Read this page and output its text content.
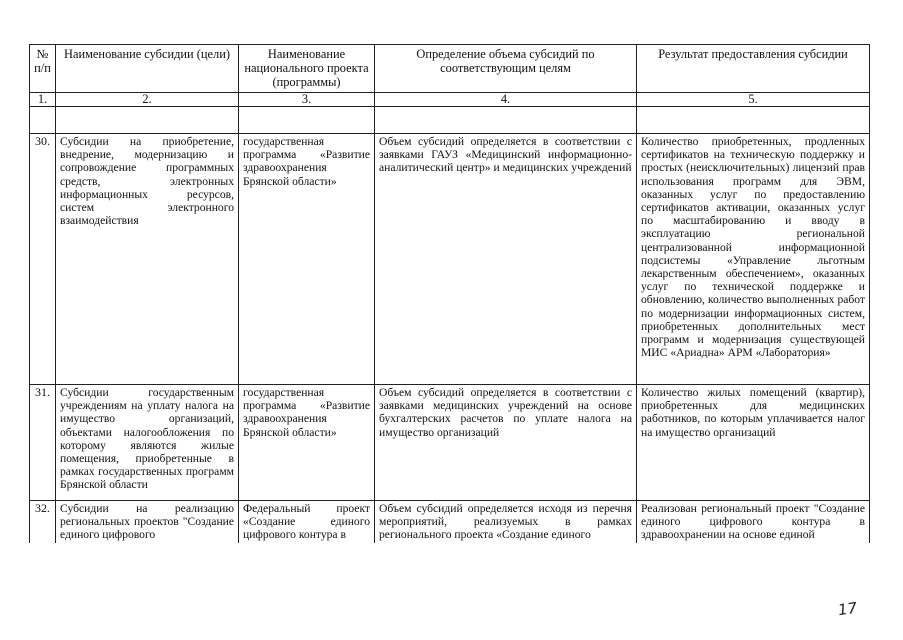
№ п/п	Наименование субсидии (цели)	Наименование национального проекта (программы)	Определение объема субсидий по соответствующим целям	Результат предоставления субсидии
1.	2.	3.	4.	5.

30.	Субсидии на приобретение, внедрение, модернизацию и сопровождение программных средств, электронных информационных ресурсов, систем электронного взаимодействия	государственная программа «Развитие здравоохранения Брянской области»	Объем субсидий определяется в соответствии с заявками ГАУЗ «Медицинский информационно-аналитический центр» и медицинских учреждений	Количество приобретенных, продленных сертификатов на техническую поддержку и простых (неисключительных) лицензий прав использования программ для ЭВМ, оказанных услуг по предоставлению сертификатов активации, оказанных услуг по масштабированию и вводу в эксплуатацию региональной централизованной информационной подсистемы «Управление льготным лекарственным обеспечением», оказанных услуг по технической поддержке и обновлению, количество выполненных работ по модернизации информационных систем, приобретенных дополнительных мест программ и модернизация существующей МИС «Ариадна» АРМ «Лаборатория»
31.	Субсидии государственным учреждениям на уплату налога на имущество организаций, объектами налогообложения по которому являются жилые помещения, приобретенные в рамках государственных программ Брянской области	государственная программа «Развитие здравоохранения Брянской области»	Объем субсидий определяется в соответствии с заявками медицинских учреждений на основе бухгалтерских расчетов по уплате налога на имущество организаций	Количество жилых помещений (квартир), приобретенных для медицинских работников, по которым уплачивается налог на имущество организаций
32.	Субсидии на реализацию региональных проектов "Создание единого цифрового	Федеральный проект «Создание единого цифрового контура в	Объем субсидий определяется исходя из перечня мероприятий, реализуемых в рамках регионального проекта «Создание единого	Реализован региональный проект "Создание единого цифрового контура в здравоохранении на основе единой
17
